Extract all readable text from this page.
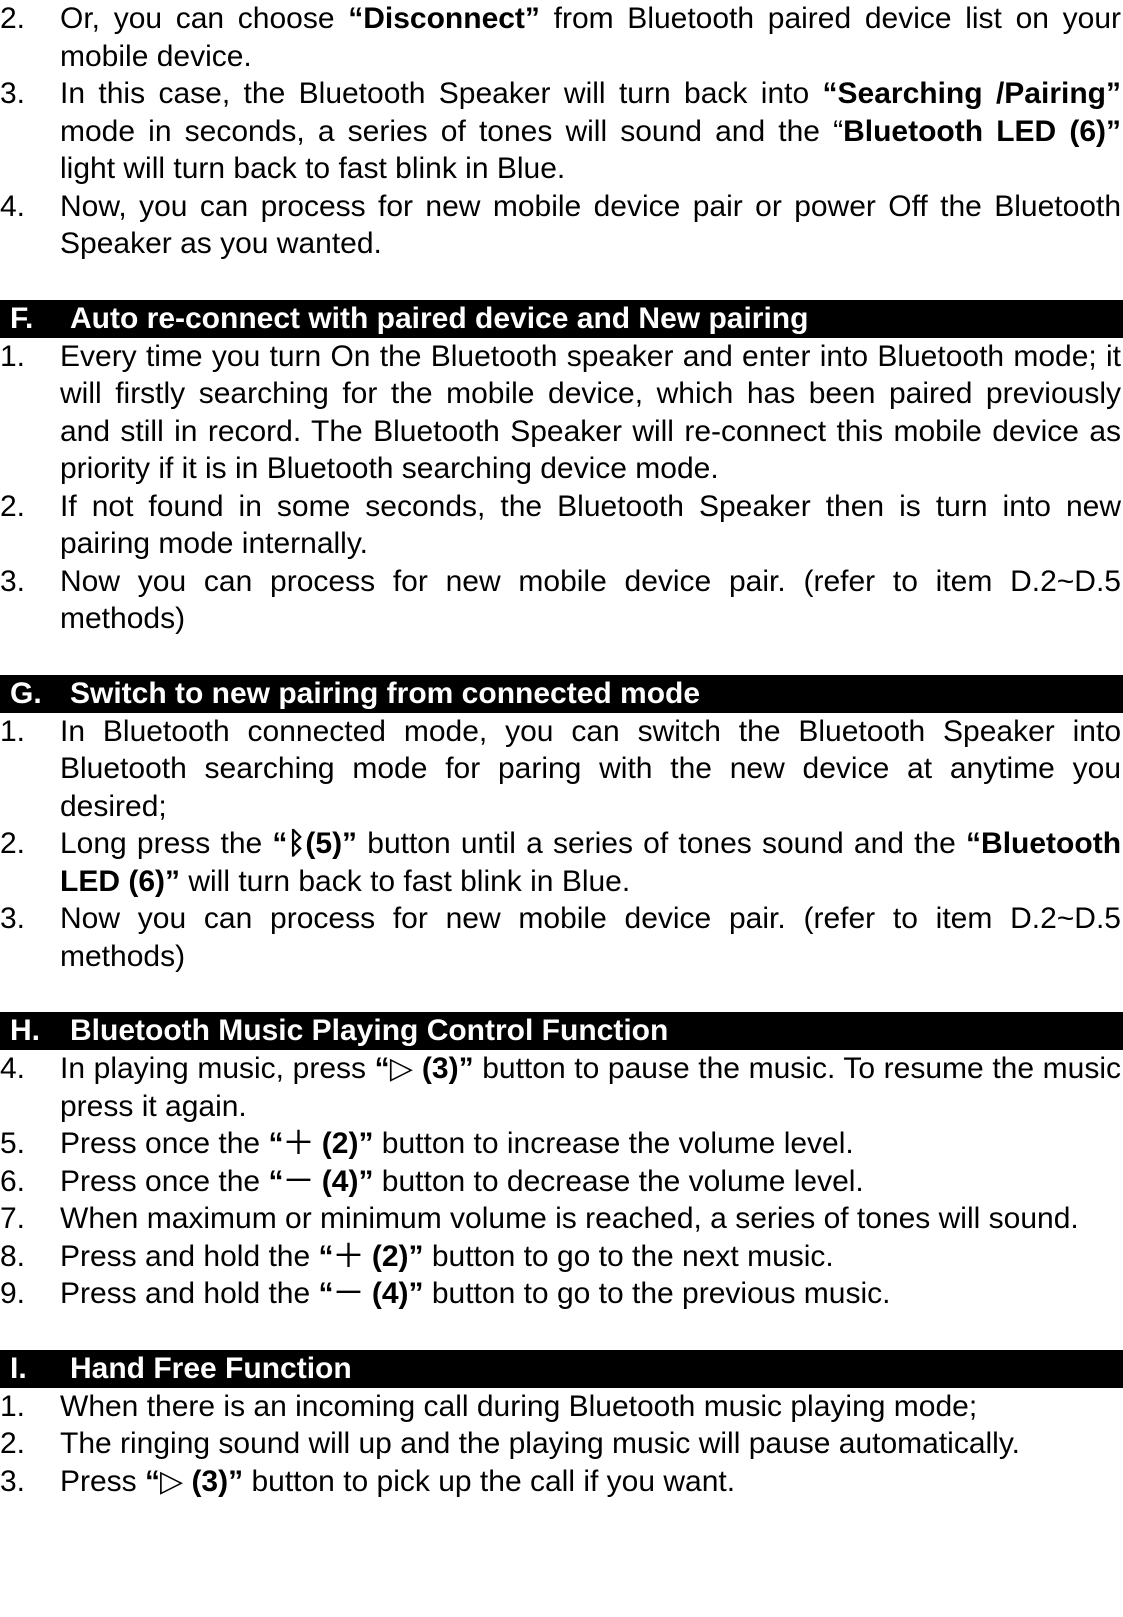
2.	Or, you can choose “Disconnect” from Bluetooth paired device list on your mobile device.
3.	In this case, the Bluetooth Speaker will turn back into “Searching /Pairing” mode in seconds, a series of tones will sound and the “Bluetooth LED (6)” light will turn back to fast blink in Blue.
4.	Now, you can process for new mobile device pair or power Off the Bluetooth Speaker as you wanted.
F.	Auto re-connect with paired device and New pairing
1.	Every time you turn On the Bluetooth speaker and enter into Bluetooth mode; it will firstly searching for the mobile device, which has been paired previously and still in record. The Bluetooth Speaker will re-connect this mobile device as priority if it is in Bluetooth searching device mode.
2.	If not found in some seconds, the Bluetooth Speaker then is turn into new pairing mode internally.
3.	Now you can process for new mobile device pair. (refer to item D.2~D.5 methods)
G. Switch to new pairing from connected mode
1.	In Bluetooth connected mode, you can switch the Bluetooth Speaker into Bluetooth searching mode for paring with the new device at anytime you desired;
2.	Long press the “ᛒ(5)” button until a series of tones sound and the “Bluetooth LED (6)” will turn back to fast blink in Blue.
3.	Now you can process for new mobile device pair. (refer to item D.2~D.5 methods)
H.	Bluetooth Music Playing Control Function
4.	In playing music, press “▷ (3)” button to pause the music. To resume the music press it again.
5.	Press once the “＋ (2)” button to increase the volume level.
6.	Press once the “－ (4)” button to decrease the volume level.
7.	When maximum or minimum volume is reached, a series of tones will sound.
8.	Press and hold the “＋ (2)” button to go to the next music.
9.	Press and hold the “－ (4)” button to go to the previous music.
I.	Hand Free Function
1.	When there is an incoming call during Bluetooth music playing mode;
2.	The ringing sound will up and the playing music will pause automatically.
3.	Press “▷ (3)” button to pick up the call if you want.
